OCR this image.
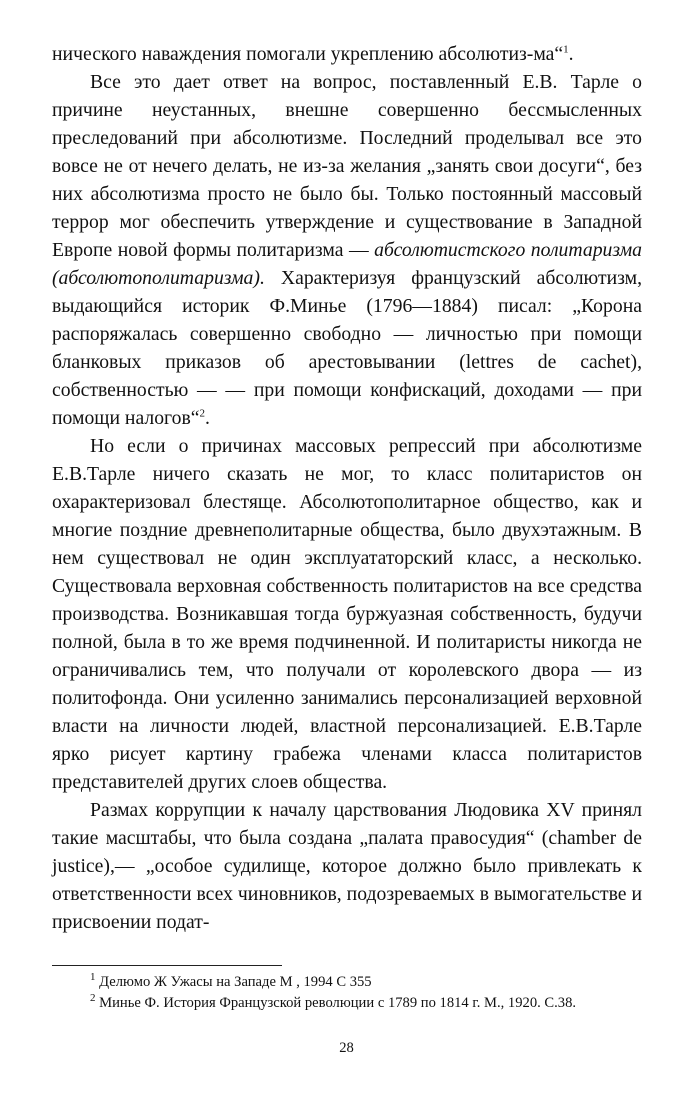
нического наваждения помогали укреплению абсолютиз-ма“$^1$.

Все это дает ответ на вопрос, поставленный Е.В. Тарле о причине неустанных, внешне совершенно бессмысленных преследований при абсолютизме. Последний проделывал все это вовсе не от нечего делать, не из-за желания „занять свои досуги“, без них абсолютизма просто не было бы. Только постоянный массовый террор мог обеспечить утверждение и существование в Западной Европе новой формы политаризма — абсолютистского политаризма (абсолютополитаризма). Характеризуя французский абсолютизм, выдающийся историк Ф.Минье (1796—1884) писал: „Корона распоряжалась совершенно свободно — личностью при помощи бланковых приказов об арестовывании (lettres de cachet), собственностью — — при помощи конфискаций, доходами — при помощи налогов“$^2$.

Но если о причинах массовых репрессий при абсолютизме Е.В.Тарле ничего сказать не мог, то класс политаристов он охарактеризовал блестяще. Абсолютополитарное общество, как и многие поздние древнеполитарные общества, было двухэтажным. В нем существовал не один эксплуататорский класс, а несколько. Существовала верховная собственность политаристов на все средства производства. Возникавшая тогда буржуазная собственность, будучи полной, была в то же время подчиненной. И политаристы никогда не ограничивались тем, что получали от королевского двора — из политофонда. Они усиленно занимались персонализацией верховной власти на личности людей, властной персонализацией. Е.В.Тарле ярко рисует картину грабежа членами класса политаристов представителей других слоев общества.

Размах коррупции к началу царствования Людовика XV принял такие масштабы, что была создана „палата правосудия“ (chamber de justice),— „особое судилище, которое должно было привлекать к ответственности всех чиновников, подозреваемых в вымогательстве и присвоении подат-

$^1$ Делюмо Ж Ужасы на Западе М , 1994 С 355

$^2$ Минье Ф. История Французской революции с 1789 по 1814 г. М., 1920. С.38.

28
